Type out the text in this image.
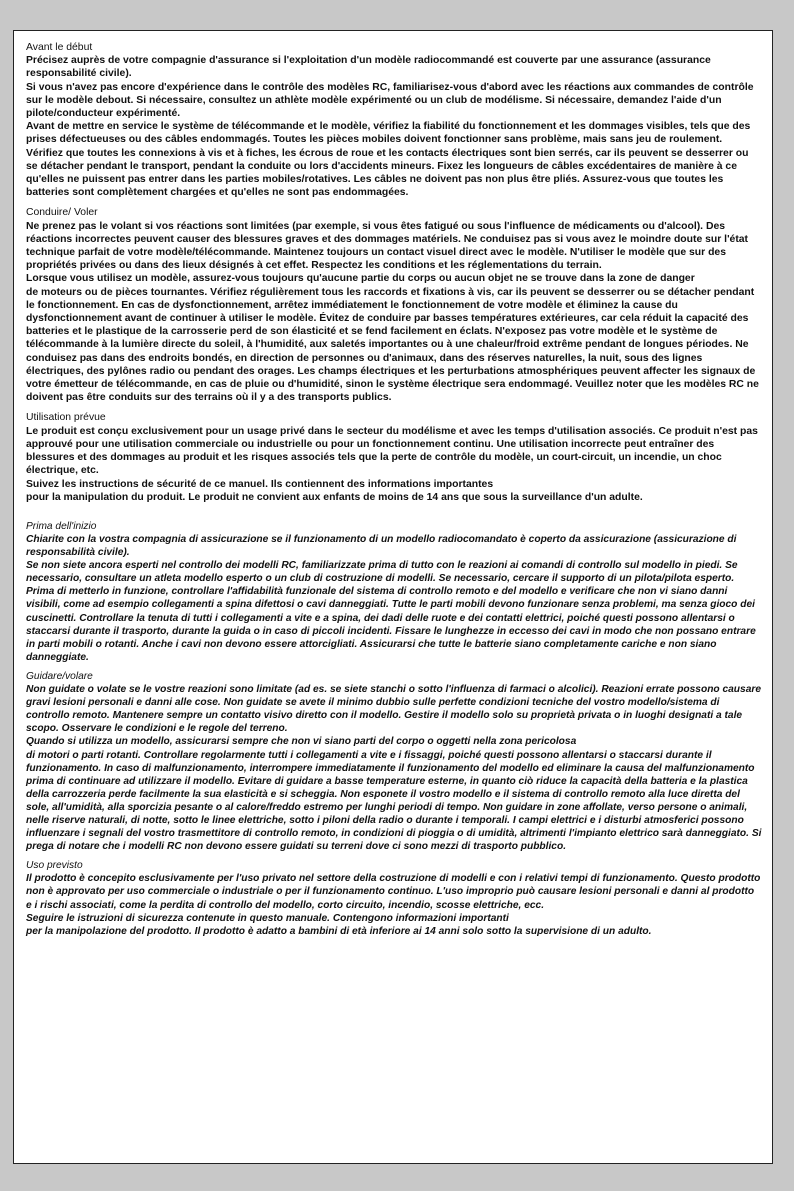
Avant le début

Précisez auprès de votre compagnie d'assurance si l'exploitation d'un modèle radiocommandé est couverte par une assurance (assurance responsabilité civile).

Si vous n'avez pas encore d'expérience dans le contrôle des modèles RC, familiarisez-vous d'abord avec les réactions aux commandes de contrôle sur le modèle debout. Si nécessaire, consultez un athlète modèle expérimenté ou un club de modélisme. Si nécessaire, demandez l'aide d'un pilote/conducteur expérimenté.

Avant de mettre en service le système de télécommande et le modèle, vérifiez la fiabilité du fonctionnement et les dommages visibles, tels que des prises défectueuses ou des câbles endommagés. Toutes les pièces mobiles doivent fonctionner sans problème, mais sans jeu de roulement. Vérifiez que toutes les connexions à vis et à fiches, les écrous de roue et les contacts électriques sont bien serrés, car ils peuvent se desserrer ou se détacher pendant le transport, pendant la conduite ou lors d'accidents mineurs. Fixez les longueurs de câbles excédentaires de manière à ce qu'elles ne puissent pas entrer dans les parties mobiles/rotatives. Les câbles ne doivent pas non plus être pliés. Assurez-vous que toutes les batteries sont complètement chargées et qu'elles ne sont pas endommagées.

Conduire/ Voler

Ne prenez pas le volant si vos réactions sont limitées (par exemple, si vous êtes fatigué ou sous l'influence de médicaments ou d'alcool). Des réactions incorrectes peuvent causer des blessures graves et des dommages matériels. Ne conduisez pas si vous avez le moindre doute sur l'état technique parfait de votre modèle/télécommande. Maintenez toujours un contact visuel direct avec le modèle. N'utiliser le modèle que sur des propriétés privées ou dans des lieux désignés à cet effet. Respectez les conditions et les réglementations du terrain.

Lorsque vous utilisez un modèle, assurez-vous toujours qu'aucune partie du corps ou aucun objet ne se trouve dans la zone de danger

de moteurs ou de pièces tournantes. Vérifiez régulièrement tous les raccords et fixations à vis, car ils peuvent se desserrer ou se détacher pendant le fonctionnement. En cas de dysfonctionnement, arrêtez immédiatement le fonctionnement de votre modèle et éliminez la cause du dysfonctionnement avant de continuer à utiliser le modèle. Évitez de conduire par basses températures extérieures, car cela réduit la capacité des batteries et le plastique de la carrosserie perd de son élasticité et se fend facilement en éclats. N'exposez pas votre modèle et le système de télécommande à la lumière directe du soleil, à l'humidité, aux saletés importantes ou à une chaleur/froid extrême pendant de longues périodes. Ne conduisez pas dans des endroits bondés, en direction de personnes ou d'animaux, dans des réserves naturelles, la nuit, sous des lignes électriques, des pylônes radio ou pendant des orages. Les champs électriques et les perturbations atmosphériques peuvent affecter les signaux de votre émetteur de télécommande, en cas de pluie ou d'humidité, sinon le système électrique sera endommagé. Veuillez noter que les modèles RC ne doivent pas être conduits sur des terrains où il y a des transports publics.

Utilisation prévue

Le produit est conçu exclusivement pour un usage privé dans le secteur du modélisme et avec les temps d'utilisation associés. Ce produit n'est pas approuvé pour une utilisation commerciale ou industrielle ou pour un fonctionnement continu. Une utilisation incorrecte peut entraîner des blessures et des dommages au produit et les risques associés tels que la perte de contrôle du modèle, un court-circuit, un incendie, un choc électrique, etc.

Suivez les instructions de sécurité de ce manuel. Ils contiennent des informations importantes

pour la manipulation du produit. Le produit ne convient aux enfants de moins de 14 ans que sous la surveillance d'un adulte.

Prima dell'inizio

Chiarite con la vostra compagnia di assicurazione se il funzionamento di un modello radiocomandato è coperto da assicurazione (assicurazione di responsabilità civile).

Se non siete ancora esperti nel controllo dei modelli RC, familiarizzate prima di tutto con le reazioni ai comandi di controllo sul modello in piedi. Se necessario, consultare un atleta modello esperto o un club di costruzione di modelli. Se necessario, cercare il supporto di un pilota/pilota esperto.

Prima di metterlo in funzione, controllare l'affidabilità funzionale del sistema di controllo remoto e del modello e verificare che non vi siano danni visibili, come ad esempio collegamenti a spina difettosi o cavi danneggiati. Tutte le parti mobili devono funzionare senza problemi, ma senza gioco dei cuscinetti. Controllare la tenuta di tutti i collegamenti a vite e a spina, dei dadi delle ruote e dei contatti elettrici, poiché questi possono allentarsi o staccarsi durante il trasporto, durante la guida o in caso di piccoli incidenti. Fissare le lunghezze in eccesso dei cavi in modo che non possano entrare in parti mobili o rotanti. Anche i cavi non devono essere attorcigliati. Assicurarsi che tutte le batterie siano completamente cariche e non siano danneggiate.

Guidare/volare

Non guidate o volate se le vostre reazioni sono limitate (ad es. se siete stanchi o sotto l'influenza di farmaci o alcolici). Reazioni errate possono causare gravi lesioni personali e danni alle cose. Non guidate se avete il minimo dubbio sulle perfette condizioni tecniche del vostro modello/sistema di controllo remoto. Mantenere sempre un contatto visivo diretto con il modello. Gestire il modello solo su proprietà privata o in luoghi designati a tale scopo. Osservare le condizioni e le regole del terreno.

Quando si utilizza un modello, assicurarsi sempre che non vi siano parti del corpo o oggetti nella zona pericolosa

di motori o parti rotanti. Controllare regolarmente tutti i collegamenti a vite e i fissaggi, poiché questi possono allentarsi o staccarsi durante il funzionamento. In caso di malfunzionamento, interrompere immediatamente il funzionamento del modello ed eliminare la causa del malfunzionamento prima di continuare ad utilizzare il modello. Evitare di guidare a basse temperature esterne, in quanto ciò riduce la capacità della batteria e la plastica della carrozzeria perde facilmente la sua elasticità e si scheggia. Non esponete il vostro modello e il sistema di controllo remoto alla luce diretta del sole, all'umidità, alla sporcizia pesante o al calore/freddo estremo per lunghi periodi di tempo. Non guidare in zone affollate, verso persone o animali, nelle riserve naturali, di notte, sotto le linee elettriche, sotto i piloni della radio o durante i temporali. I campi elettrici e i disturbi atmosferici possono influenzare i segnali del vostro trasmettitore di controllo remoto, in condizioni di pioggia o di umidità, altrimenti l'impianto elettrico sarà danneggiato. Si prega di notare che i modelli RC non devono essere guidati su terreni dove ci sono mezzi di trasporto pubblico.

Uso previsto

Il prodotto è concepito esclusivamente per l'uso privato nel settore della costruzione di modelli e con i relativi tempi di funzionamento. Questo prodotto non è approvato per uso commerciale o industriale o per il funzionamento continuo. L'uso improprio può causare lesioni personali e danni al prodotto e i rischi associati, come la perdita di controllo del modello, corto circuito, incendio, scosse elettriche, ecc.

Seguire le istruzioni di sicurezza contenute in questo manuale. Contengono informazioni importanti

per la manipolazione del prodotto. Il prodotto è adatto a bambini di età inferiore ai 14 anni solo sotto la supervisione di un adulto.
